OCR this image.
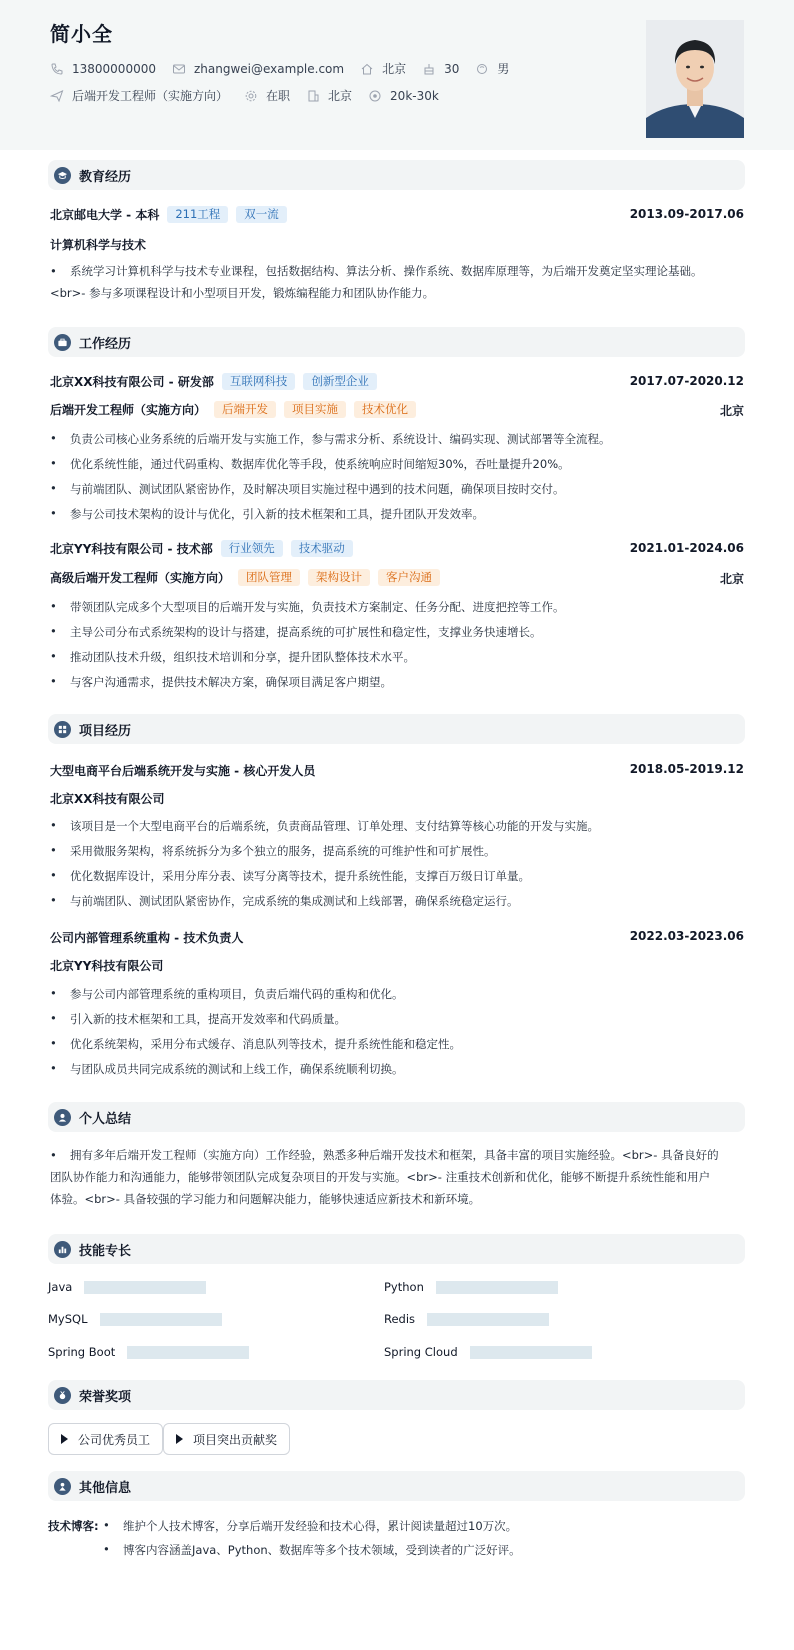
简小全
13800000000	zhangwei@example.com	北京	30	男
后端开发工程师（实施方向）	在职	北京	20k-30k
教育经历
北京邮电大学 - 本科	211工程	双一流	2013.09-2017.06
计算机科学与技术
• 系统学习计算机科学与技术专业课程，包括数据结构、算法分析、操作系统、数据库原理等，为后端开发奠定坚实理论基础。
<br>- 参与多项课程设计和小型项目开发，锻炼编程能力和团队协作能力。
工作经历
北京XX科技有限公司 - 研发部	互联网科技	创新型企业	2017.07-2020.12
后端开发工程师（实施方向）	后端开发	项目实施	技术优化	北京
•	负责公司核心业务系统的后端开发与实施工作，参与需求分析、系统设计、编码实现、测试部署等全流程。
•	优化系统性能，通过代码重构、数据库优化等手段，使系统响应时间缩短30%，吞吐量提升20%。
•	与前端团队、测试团队紧密协作，及时解决项目实施过程中遇到的技术问题，确保项目按时交付。
•	参与公司技术架构的设计与优化，引入新的技术框架和工具，提升团队开发效率。
北京YY科技有限公司 - 技术部	行业领先	技术驱动	2021.01-2024.06
高级后端开发工程师（实施方向）	团队管理	架构设计	客户沟通	北京
•	带领团队完成多个大型项目的后端开发与实施，负责技术方案制定、任务分配、进度把控等工作。
•	主导公司分布式系统架构的设计与搭建，提高系统的可扩展性和稳定性，支撑业务快速增长。
•	推动团队技术升级，组织技术培训和分享，提升团队整体技术水平。
•	与客户沟通需求，提供技术解决方案，确保项目满足客户期望。
项目经历
大型电商平台后端系统开发与实施 - 核心开发人员	2018.05-2019.12
北京XX科技有限公司
•	该项目是一个大型电商平台的后端系统，负责商品管理、订单处理、支付结算等核心功能的开发与实施。
•	采用微服务架构，将系统拆分为多个独立的服务，提高系统的可维护性和可扩展性。
•	优化数据库设计，采用分库分表、读写分离等技术，提升系统性能，支撑百万级日订单量。
•	与前端团队、测试团队紧密协作，完成系统的集成测试和上线部署，确保系统稳定运行。
公司内部管理系统重构 - 技术负责人	2022.03-2023.06
北京YY科技有限公司
•	参与公司内部管理系统的重构项目，负责后端代码的重构和优化。
•	引入新的技术框架和工具，提高开发效率和代码质量。
•	优化系统架构，采用分布式缓存、消息队列等技术，提升系统性能和稳定性。
•	与团队成员共同完成系统的测试和上线工作，确保系统顺利切换。
个人总结
• 拥有多年后端开发工程师（实施方向）工作经验，熟悉多种后端开发技术和框架，具备丰富的项目实施经验。<br>- 具备良好的
团队协作能力和沟通能力，能够带领团队完成复杂项目的开发与实施。<br>- 注重技术创新和优化，能够不断提升系统性能和用户
体验。<br>- 具备较强的学习能力和问题解决能力，能够快速适应新技术和新环境。
技能专长
Java	Python
MySQL	Redis
Spring Boot	Spring Cloud
荣誉奖项
公司优秀员工	项目突出贡献奖
其他信息
技术博客: •	维护个人技术博客，分享后端开发经验和技术心得，累计阅读量超过10万次。
•	博客内容涵盖Java、Python、数据库等多个技术领域，受到读者的广泛好评。
